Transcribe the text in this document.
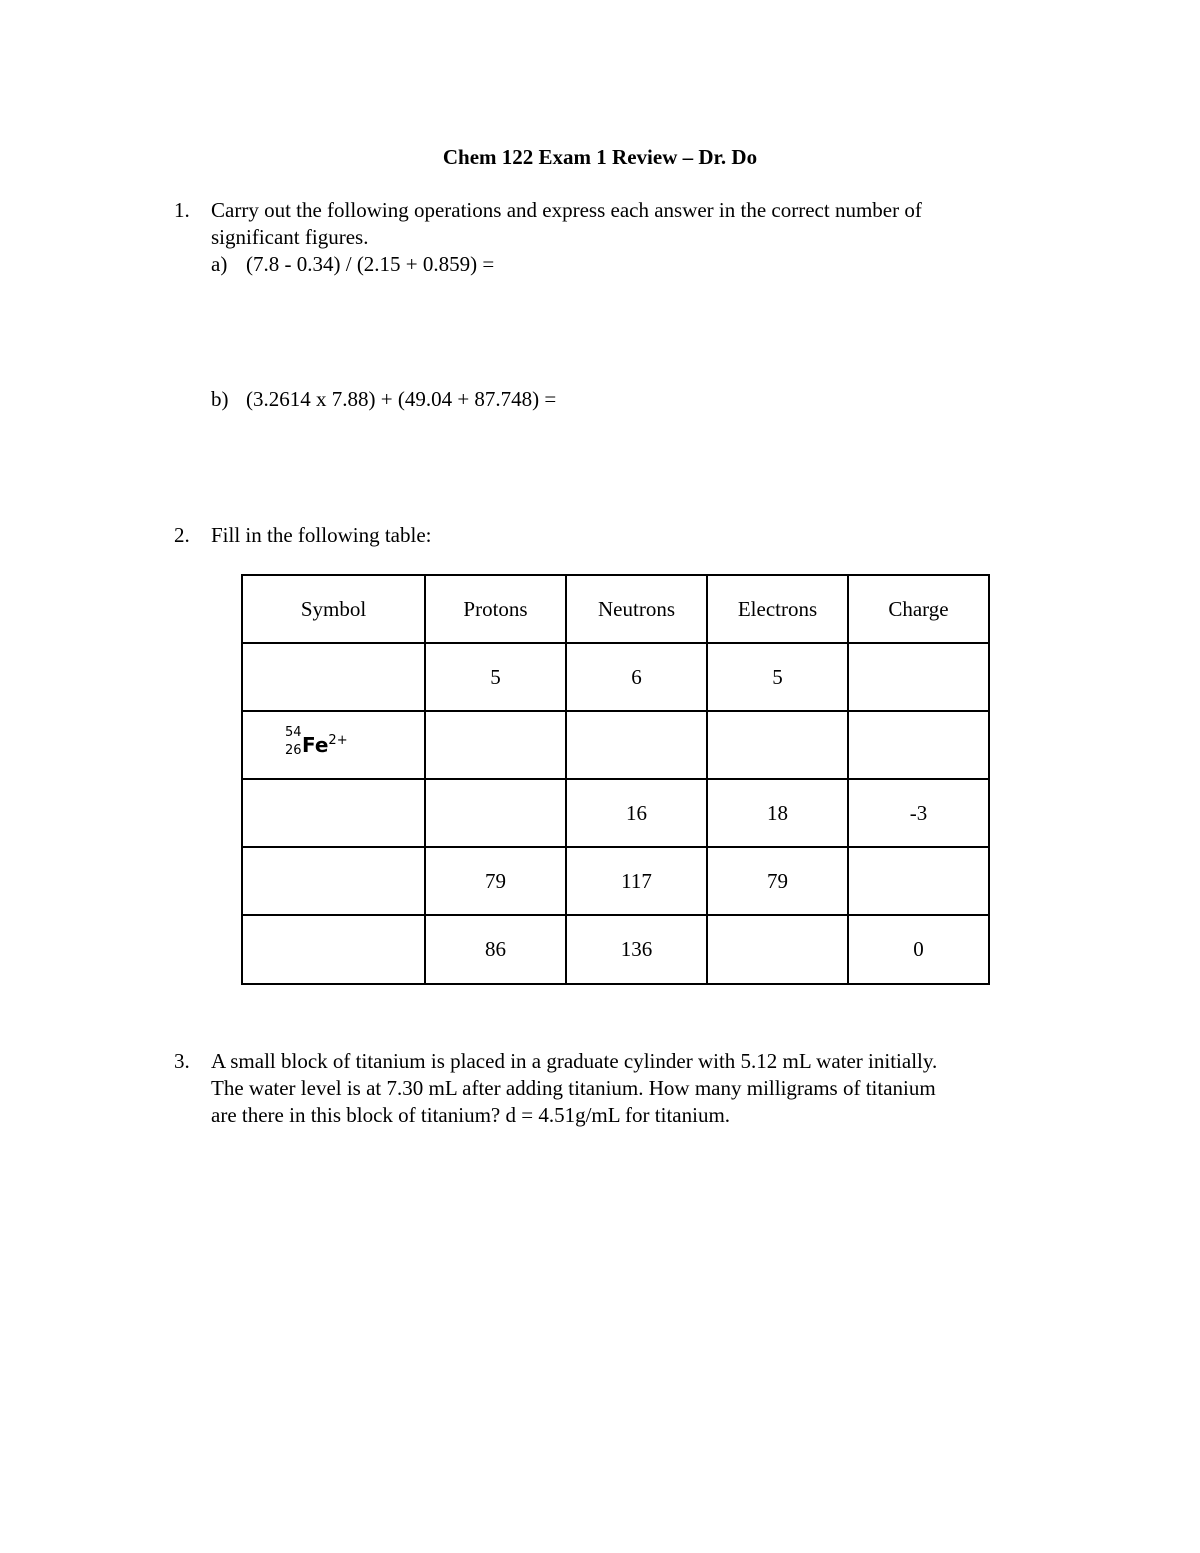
Chem 122 Exam 1 Review – Dr. Do
1. Carry out the following operations and express each answer in the correct number of
significant figures.
a) (7.8 - 0.34) / (2.15 + 0.859) =
b) (3.2614 x 7.88) + (49.04 + 87.748) =
2. Fill in the following table:
Symbol	Protons	Neutrons	Electrons	Charge
	5	6	5	

54
26 $Fe^{2+}$				
		16	18	-3
	79	117	79	
	86	136		0
3. A small block of titanium is placed in a graduate cylinder with 5.12 mL water initially.
The water level is at 7.30 mL after adding titanium. How many milligrams of titanium
are there in this block of titanium? d = 4.51g/mL for titanium.
